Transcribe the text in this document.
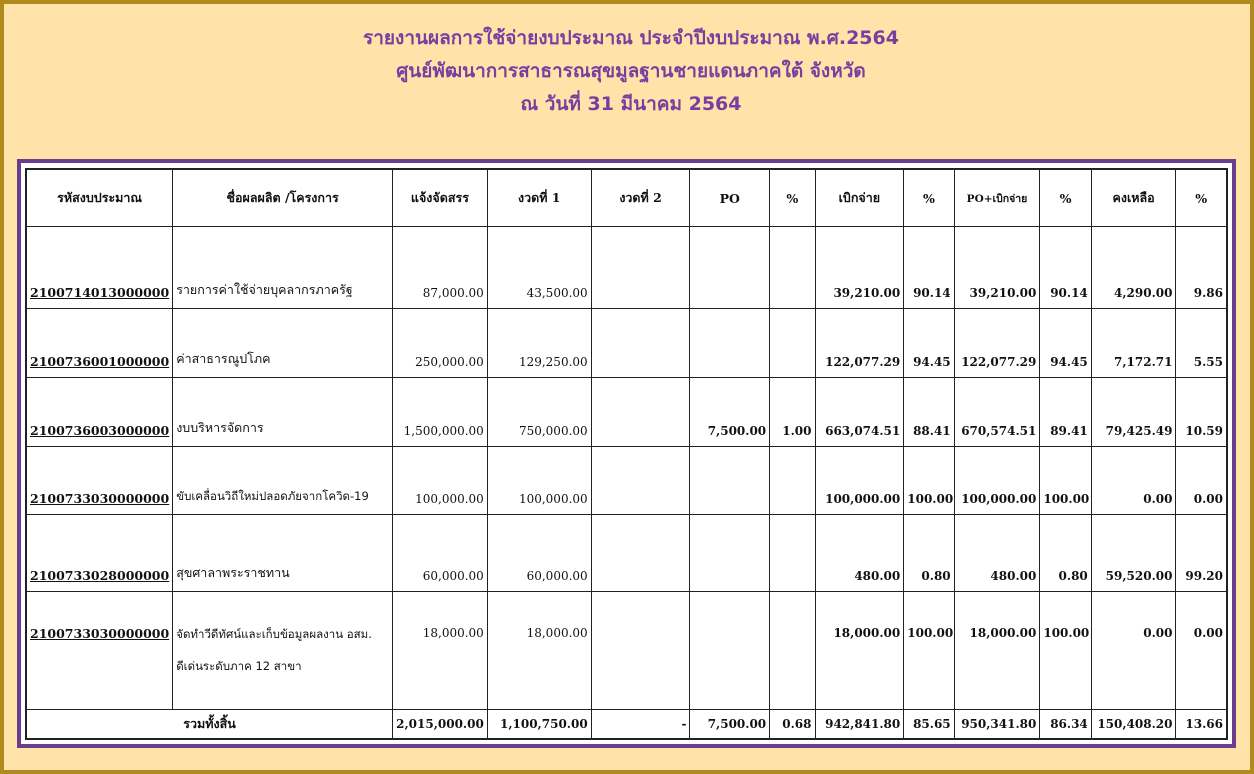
รายงานผลการใช้จ่ายงบประมาณ ประจำปีงบประมาณ พ.ศ.2564
ศูนย์พัฒนาการสาธารณสุขมูลฐานชายแดนภาคใต้ จังหวัด
ณ วันที่ 31 มีนาคม 2564
รหัสงบประมาณ	ชื่อผลผลิต /โครงการ	แจ้งจัดสรร	งวดที่ 1	งวดที่ 2	PO	%	เบิกจ่าย	%	PO+เบิกจ่าย	%	คงเหลือ	%
2100714013000000	รายการค่าใช้จ่ายบุคลากรภาครัฐ	87,000.00	43,500.00				39,210.00	90.14	39,210.00	90.14	4,290.00	9.86
2100736001000000	ค่าสาธารณูปโภค	250,000.00	129,250.00				122,077.29	94.45	122,077.29	94.45	7,172.71	5.55
2100736003000000	งบบริหารจัดการ	1,500,000.00	750,000.00		7,500.00	1.00	663,074.51	88.41	670,574.51	89.41	79,425.49	10.59
2100733030000000	ขับเคลื่อนวิถีใหม่ปลอดภัยจากโควิด-19	100,000.00	100,000.00				100,000.00	100.00	100,000.00	100.00	0.00	0.00
2100733028000000	สุขศาลาพระราชทาน	60,000.00	60,000.00				480.00	0.80	480.00	0.80	59,520.00	99.20
2100733030000000	จัดทำวีดีทัศน์และเก็บข้อมูลผลงาน อสม.
ดีเด่นระดับภาค 12 สาขา	18,000.00	18,000.00				18,000.00	100.00	18,000.00	100.00	0.00	0.00
รวมทั้งสิ้น		2,015,000.00	1,100,750.00	-	7,500.00	0.68	942,841.80	85.65	950,341.80	86.34	150,408.20	13.66
